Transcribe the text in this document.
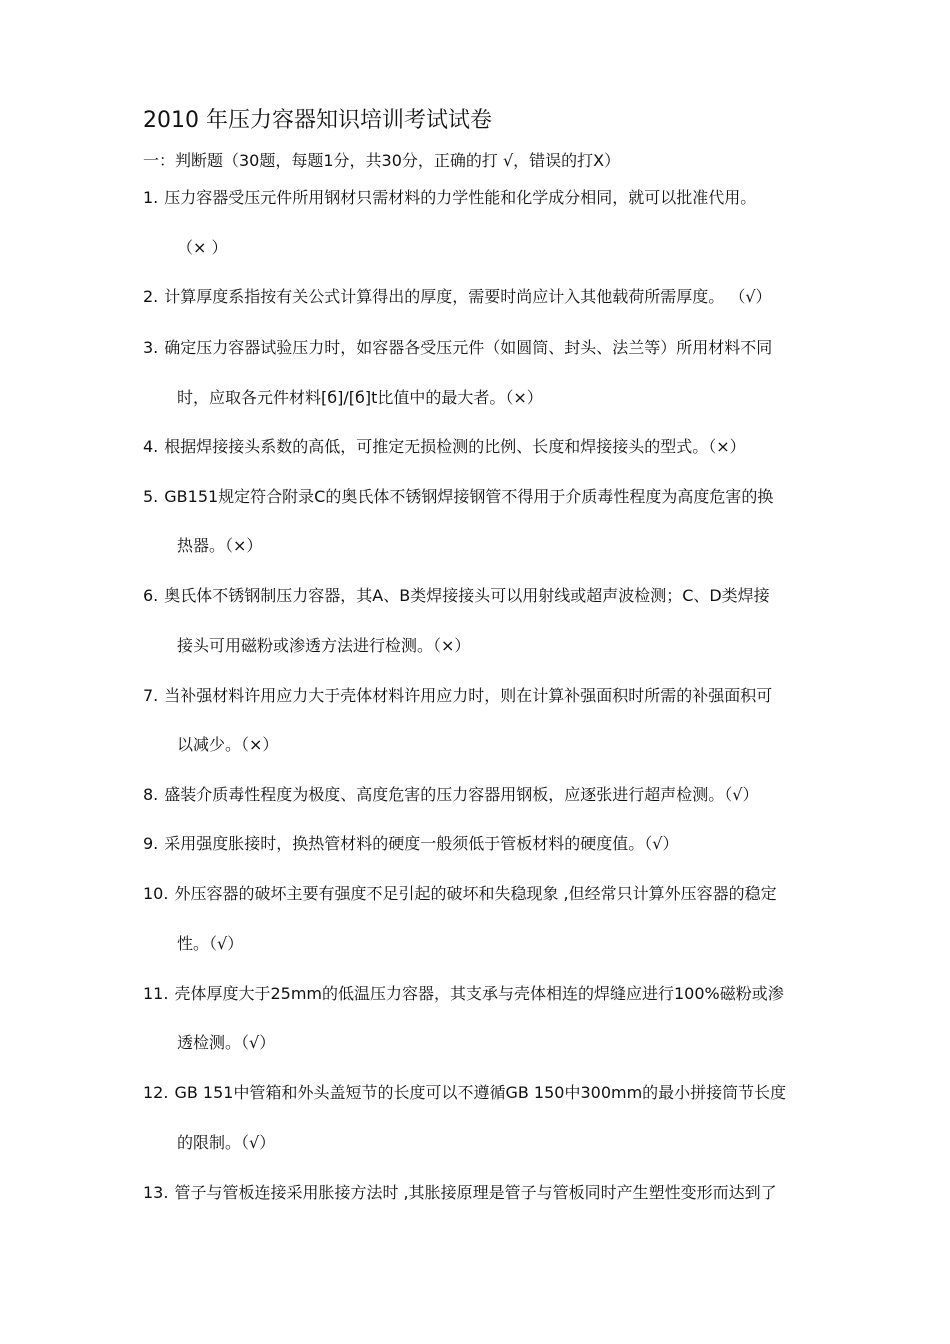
2010 年压力容器知识培训考试试卷
一：判断题（30题，每题1分，共30分，正确的打 √，错误的打X）
1. 压力容器受压元件所用钢材只需材料的力学性能和化学成分相同，就可以批准代用。
（× ）
2. 计算厚度系指按有关公式计算得出的厚度，需要时尚应计入其他载荷所需厚度。 （√）
3. 确定压力容器试验压力时，如容器各受压元件（如圆筒、封头、法兰等）所用材料不同
时，应取各元件材料[б]/[б]t比值中的最大者。（×）
4. 根据焊接接头系数的高低，可推定无损检测的比例、长度和焊接接头的型式。（×）
5. GB151规定符合附录C的奥氏体不锈钢焊接钢管不得用于介质毒性程度为高度危害的换
热器。（×）
6. 奥氏体不锈钢制压力容器，其A、B类焊接接头可以用射线或超声波检测；C、D类焊接
接头可用磁粉或渗透方法进行检测。（×）
7. 当补强材料许用应力大于壳体材料许用应力时，则在计算补强面积时所需的补强面积可
以减少。（×）
8. 盛装介质毒性程度为极度、高度危害的压力容器用钢板，应逐张进行超声检测。（√）
9. 采用强度胀接时，换热管材料的硬度一般须低于管板材料的硬度值。（√）
10. 外压容器的破坏主要有强度不足引起的破坏和失稳现象 ,但经常只计算外压容器的稳定
性。（√）
11. 壳体厚度大于25mm的低温压力容器，其支承与壳体相连的焊缝应进行100%磁粉或渗
透检测。（√）
12. GB 151中管箱和外头盖短节的长度可以不遵循GB 150中300mm的最小拼接筒节长度
的限制。（√）
13. 管子与管板连接采用胀接方法时 ,其胀接原理是管子与管板同时产生塑性变形而达到了
